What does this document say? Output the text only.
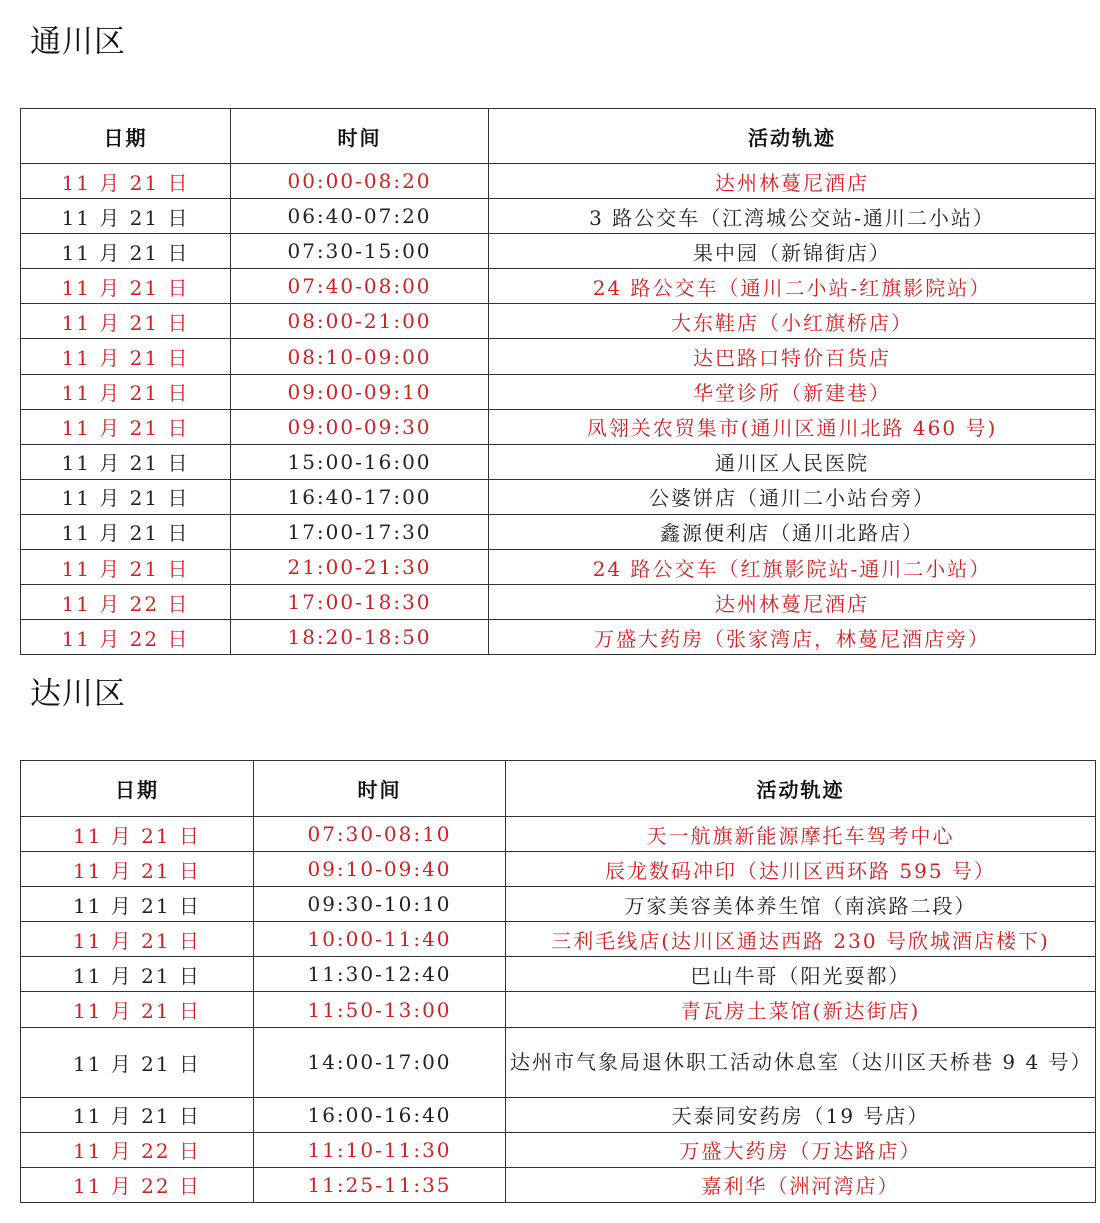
通川区
日期	时间	活动轨迹
11 月 21 日	00:00-08:20	达州林蔓尼酒店
11 月 21 日	06:40-07:20	3 路公交车（江湾城公交站-通川二小站）
11 月 21 日	07:30-15:00	果中园（新锦街店）
11 月 21 日	07:40-08:00	24 路公交车（通川二小站-红旗影院站）
11 月 21 日	08:00-21:00	大东鞋店（小红旗桥店）
11 月 21 日	08:10-09:00	达巴路口特价百货店
11 月 21 日	09:00-09:10	华堂诊所（新建巷）
11 月 21 日	09:00-09:30	凤翎关农贸集市(通川区通川北路 460 号)
11 月 21 日	15:00-16:00	通川区人民医院
11 月 21 日	16:40-17:00	公婆饼店（通川二小站台旁）
11 月 21 日	17:00-17:30	鑫源便利店（通川北路店）
11 月 21 日	21:00-21:30	24 路公交车（红旗影院站-通川二小站）
11 月 22 日	17:00-18:30	达州林蔓尼酒店
11 月 22 日	18:20-18:50	万盛大药房（张家湾店，林蔓尼酒店旁）
达川区
日期	时间	活动轨迹
11 月 21 日	07:30-08:10	天一航旗新能源摩托车驾考中心
11 月 21 日	09:10-09:40	辰龙数码冲印（达川区西环路 595 号）
11 月 21 日	09:30-10:10	万家美容美体养生馆（南滨路二段）
11 月 21 日	10:00-11:40	三利毛线店(达川区通达西路 230 号欣城酒店楼下)
11 月 21 日	11:30-12:40	巴山牛哥（阳光耍都）
11 月 21 日	11:50-13:00	青瓦房土菜馆(新达街店)
11 月 21 日	14:00-17:00	达州市气象局退休职工活动休息室（达川区天桥巷 9 4 号）
11 月 21 日	16:00-16:40	天泰同安药房（19 号店）
11 月 22 日	11:10-11:30	万盛大药房（万达路店）
11 月 22 日	11:25-11:35	嘉利华（洲河湾店）
